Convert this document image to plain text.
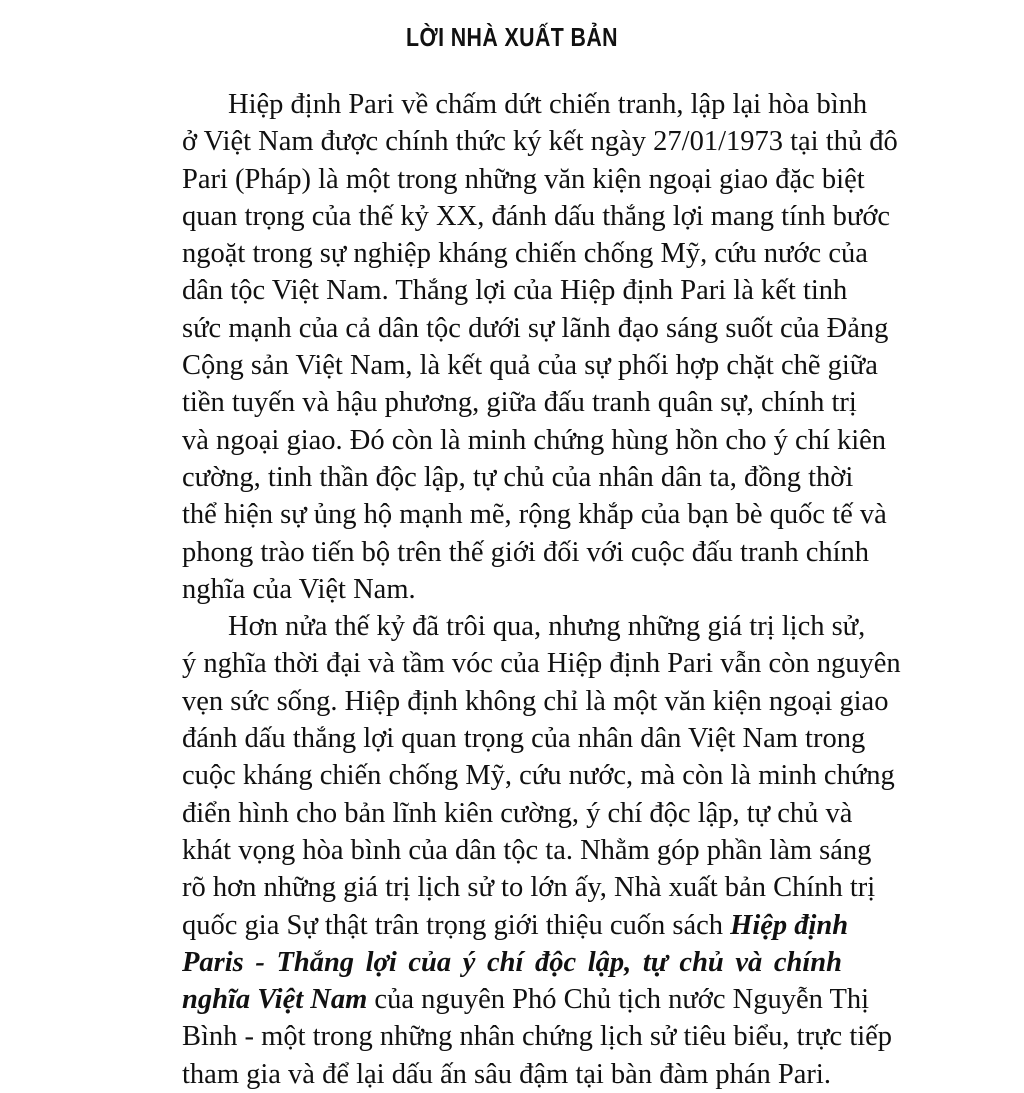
LỜI NHÀ XUẤT BẢN
Hiệp định Pari về chấm dứt chiến tranh, lập lại hòa bình
ở Việt Nam được chính thức ký kết ngày 27/01/1973 tại thủ đô
Pari (Pháp) là một trong những văn kiện ngoại giao đặc biệt
quan trọng của thế kỷ XX, đánh dấu thắng lợi mang tính bước
ngoặt trong sự nghiệp kháng chiến chống Mỹ, cứu nước của
dân tộc Việt Nam. Thắng lợi của Hiệp định Pari là kết tinh
sức mạnh của cả dân tộc dưới sự lãnh đạo sáng suốt của Đảng
Cộng sản Việt Nam, là kết quả của sự phối hợp chặt chẽ giữa
tiền tuyến và hậu phương, giữa đấu tranh quân sự, chính trị
và ngoại giao. Đó còn là minh chứng hùng hồn cho ý chí kiên
cường, tinh thần độc lập, tự chủ của nhân dân ta, đồng thời
thể hiện sự ủng hộ mạnh mẽ, rộng khắp của bạn bè quốc tế và
phong trào tiến bộ trên thế giới đối với cuộc đấu tranh chính
nghĩa của Việt Nam.
Hơn nửa thế kỷ đã trôi qua, nhưng những giá trị lịch sử,
ý nghĩa thời đại và tầm vóc của Hiệp định Pari vẫn còn nguyên
vẹn sức sống. Hiệp định không chỉ là một văn kiện ngoại giao
đánh dấu thắng lợi quan trọng của nhân dân Việt Nam trong
cuộc kháng chiến chống Mỹ, cứu nước, mà còn là minh chứng
điển hình cho bản lĩnh kiên cường, ý chí độc lập, tự chủ và
khát vọng hòa bình của dân tộc ta. Nhằm góp phần làm sáng
rõ hơn những giá trị lịch sử to lớn ấy, Nhà xuất bản Chính trị
quốc gia Sự thật trân trọng giới thiệu cuốn sách Hiệp định
Paris - Thắng lợi của ý chí độc lập, tự chủ và chính
nghĩa Việt Nam của nguyên Phó Chủ tịch nước Nguyễn Thị
Bình - một trong những nhân chứng lịch sử tiêu biểu, trực tiếp
tham gia và để lại dấu ấn sâu đậm tại bàn đàm phán Pari.
